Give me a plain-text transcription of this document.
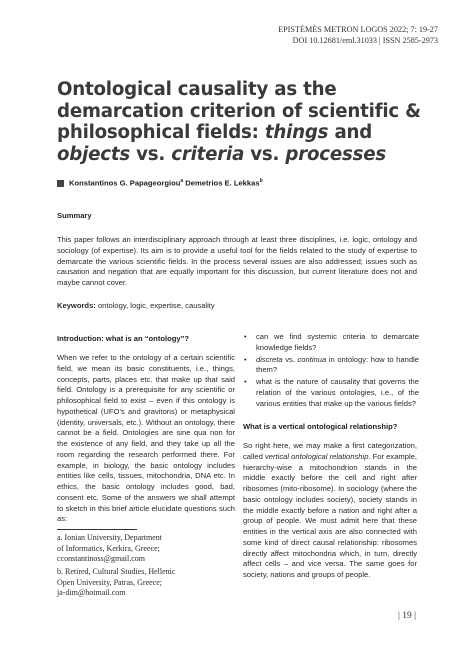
EPISTÈMÈS METRON LOGOS 2022; 7: 19-27
DOI 10.12681/eml.31033 | ISSN 2585-2973
Ontological causality as the demarcation criterion of scientific & philosophical fields: things and objects vs. criteria vs. processes
Konstantinos G. Papageorgiou$^a$ Demetrios E. Lekkas$^b$
Summary

This paper follows an interdisciplinary approach through at least three disciplines, i.e. logic, ontology and sociology (of expertise). Its aim is to provide a useful tool for the fields related to the study of expertise to demarcate the various scientific fields. In the process several issues are also addressed; issues such as causation and negation that are equally important for this discussion, but current literature does not and maybe cannot cover.

Keywords: ontology, logic, expertise, causality
Introduction: what is an “ontology”?

When we refer to the ontology of a certain scientific field, we mean its basic constituents, i.e., things, concepts, parts, places etc. that make up that said field. Ontology is a prerequisite for any scientific or philosophical field to exist – even if this ontology is hypothetical (UFO’s and gravitons) or metaphysical (identity, universals, etc.). Without an ontology, there cannot be a field. Ontologies are sine qua non for the existence of any field, and they take up all the room regarding the research performed there. For example, in biology, the basic ontology includes entities like cells, tissues, mitochondria, DNA etc. In ethics, the basic ontology includes good, bad, consent etc. Some of the answers we shall attempt to sketch in this brief article elucidate questions such as:

a. Ionian University, Department
of Informatics, Kerkira, Greece;
cconstantinoss@gmail.com

b. Retired, Cultural Studies, Hellenic
Open University, Patras, Greece;
ja-dim@hotmail.com

• can we find systemic criteria to demarcate knowledge fields?
• discreta vs. continua in ontology: how to handle them?
• what is the nature of causality that governs the relation of the various ontologies, i.e., of the various entities that make up the various fields?
What is a vertical ontological relationship?

So right here, we may make a first categorization, called vertical ontological relationship. For example, hierarchy-wise a mitochondrion stands in the middle exactly before the cell and right after ribosomes (mito-ribosome). In sociology (where the basic ontology includes society), society stands in the middle exactly before a nation and right after a group of people. We must admit here that these entities in the vertical axis are also connected with some kind of direct causal relationship: ribosomes directly affect mitochondria which, in turn, directly affect cells – and vice versa. The same goes for society, nations and groups of people.

| 19 |
